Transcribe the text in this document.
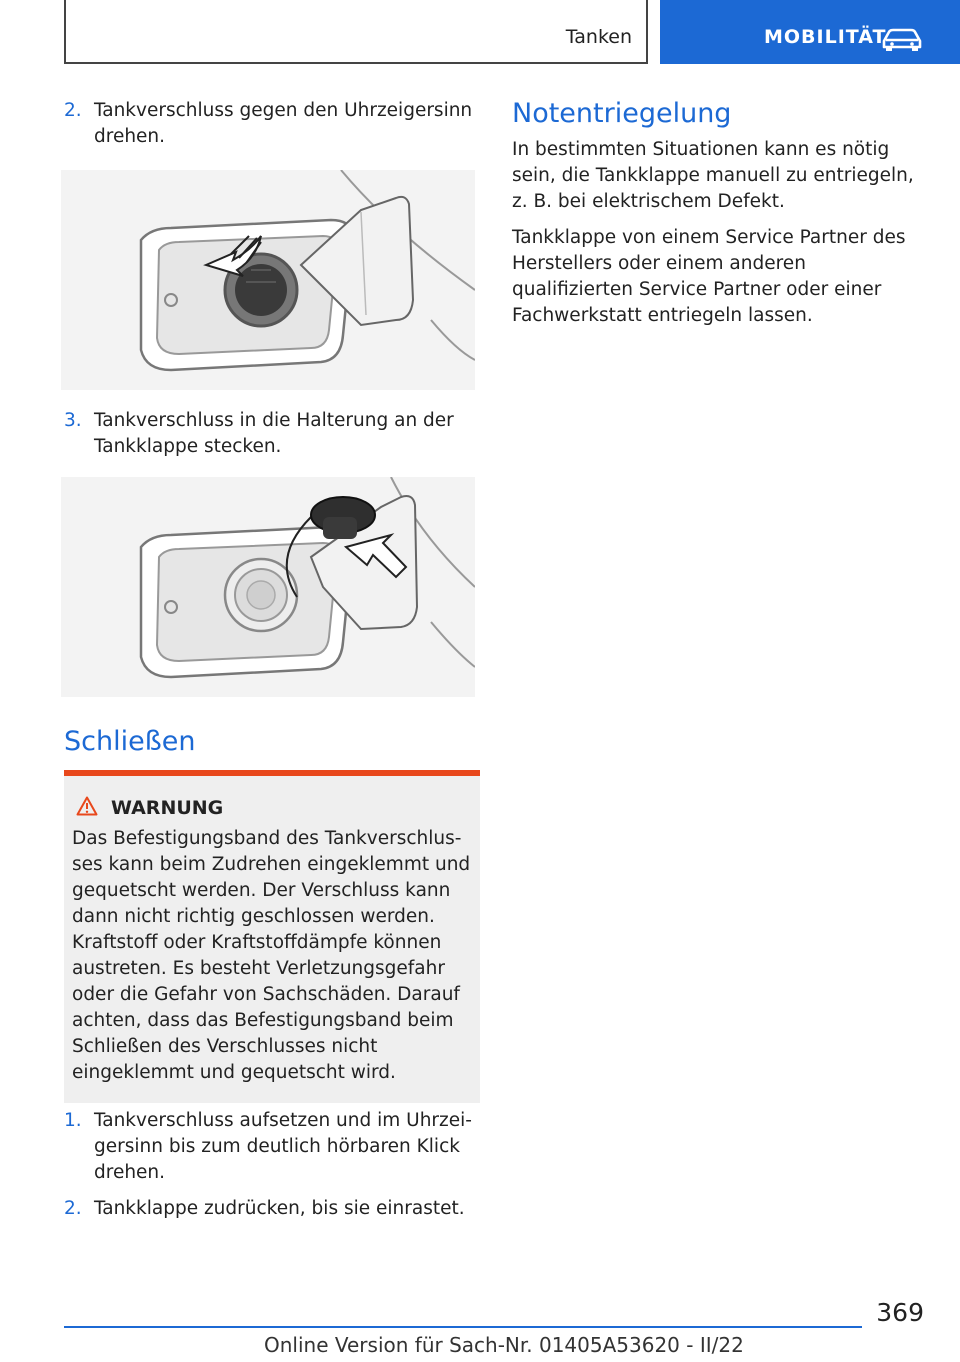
Tanken	MOBILITÄT
2. Tankverschluss gegen den Uhrzeigersinn drehen.
3. Tankverschluss in die Halterung an der Tankklappe stecken.
Schließen
WARNUNG

Das Befestigungsband des Tankverschlusses kann beim Zudrehen eingeklemmt und gequetscht werden. Der Verschluss kann dann nicht richtig geschlossen werden. Kraftstoff oder Kraftstoffdämpfe können austreten. Es besteht Verletzungsgefahr oder die Gefahr von Sachschäden. Darauf achten, dass das Befestigungsband beim Schließen des Verschlusses nicht eingeklemmt und gequetscht wird.

1. Tankverschluss aufsetzen und im Uhrzeigersinn bis zum deutlich hörbaren Klick drehen.
2. Tankklappe zudrücken, bis sie einrastet.
Notentriegelung

In bestimmten Situationen kann es nötig sein, die Tankklappe manuell zu entriegeln, z. B. bei elektrischem Defekt.

Tankklappe von einem Service Partner des Herstellers oder einem anderen qualifizierten Service Partner oder einer Fachwerkstatt entriegeln lassen.

369
Online Version für Sach-Nr. 01405A53620 - II/22
